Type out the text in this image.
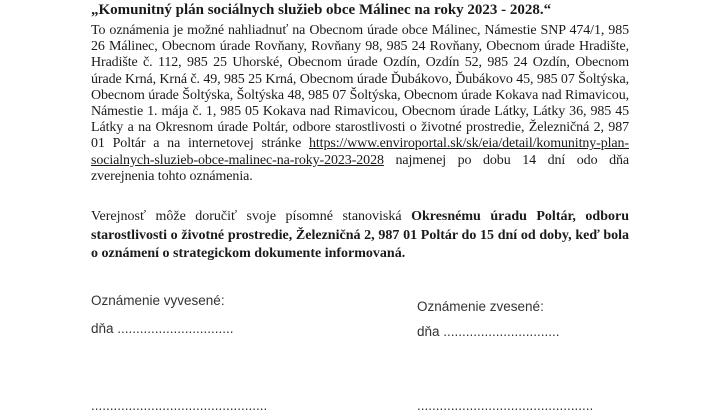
„Komunitný plán sociálnych služieb obce Málinec na roky 2023 - 2028.“
To oznámenia je možné nahliadnuť na Obecnom úrade obce Málinec, Námestie SNP 474/1, 985 26 Málinec, Obecnom úrade Rovňany, Rovňany 98, 985 24 Rovňany, Obecnom úrade Hradište, Hradište č. 112, 985 25 Uhorské, Obecnom úrade Ozdín, Ozdín 52, 985 24 Ozdín, Obecnom úrade Krná, Krná č. 49, 985 25 Krná, Obecnom úrade Ďubákovo, Ďubákovo 45, 985 07 Šoltýska, Obecnom úrade Šoltýska, Šoltýska 48, 985 07 Šoltýska, Obecnom úrade Kokava nad Rimavicou, Námestie 1. mája č. 1, 985 05 Kokava nad Rimavicou, Obecnom úrade Látky, Látky 36, 985 45 Látky a na Okresnom úrade Poltár, odbore starostlivosti o životné prostredie, Železničná 2, 987 01 Poltár a na internetovej stránke https://www.enviroportal.sk/sk/eia/detail/komunitny-plan-socialnych-sluzieb-obce-malinec-na-roky-2023-2028 najmenej po dobu 14 dní odo dňa zverejnenia tohto oznámenia.
Verejnosť môže doručiť svoje písomné stanoviská Okresnému úradu Poltár, odboru starostlivosti o životné prostredie, Železničná 2, 987 01 Poltár do 15 dní od doby, keď bola o oznámení o strategickom dokumente informovaná.
Oznámenie vyvesené:
dňa ...............................
Oznámenie zvesené:
dňa ...............................
...............................................	...............................................
